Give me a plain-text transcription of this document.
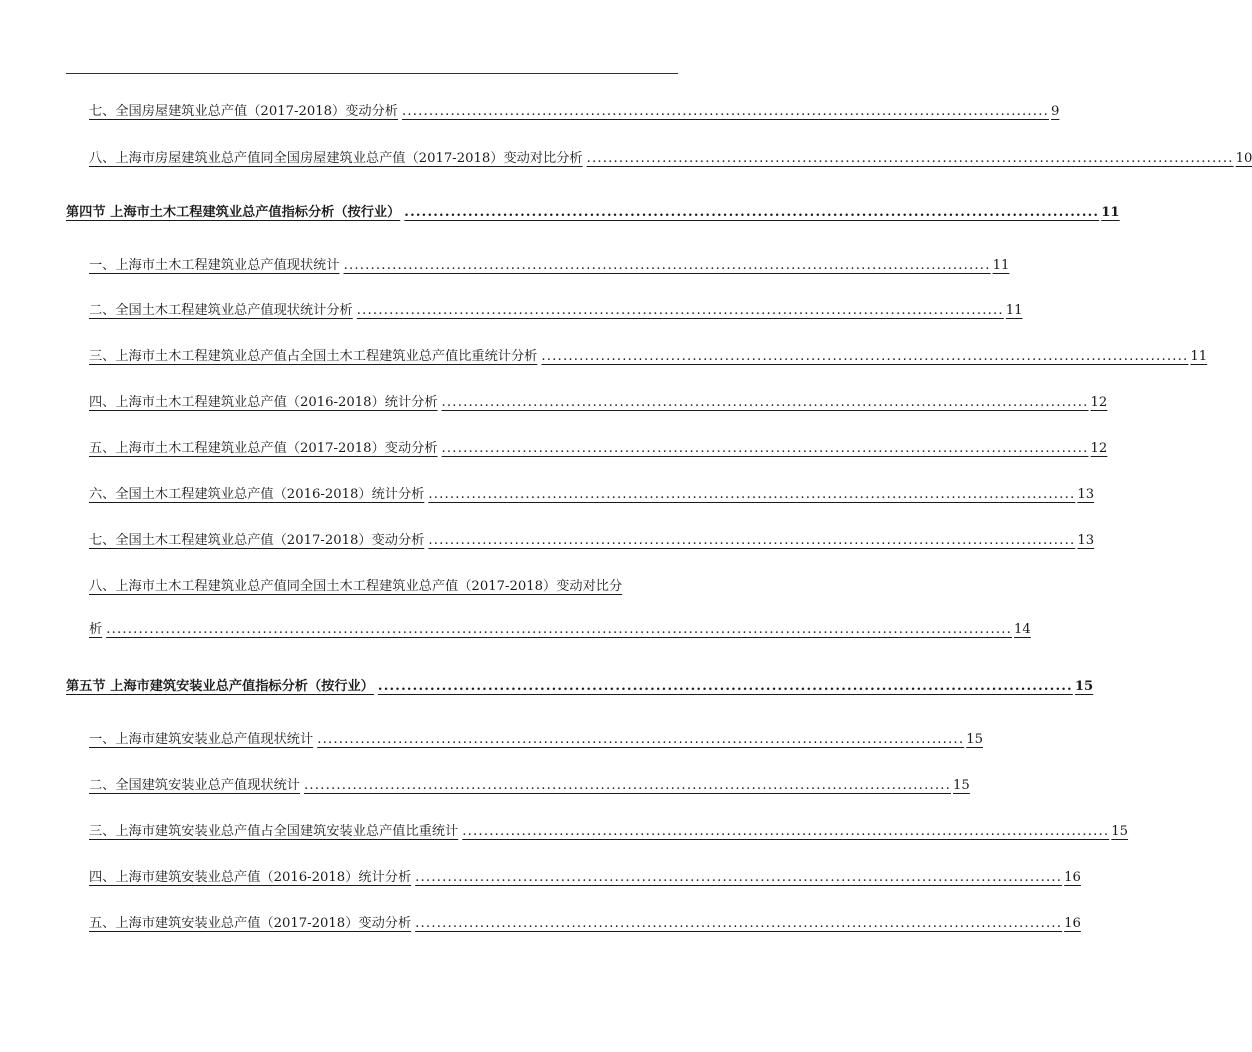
七、全国房屋建筑业总产值（2017-2018）变动分析 ........................................................................................................................ 9
八、上海市房屋建筑业总产值同全国房屋建筑业总产值（2017-2018）变动对比分析 ........................................................................................................................ 10
第四节 上海市土木工程建筑业总产值指标分析（按行业） ........................................................................................................................ 11
一、上海市土木工程建筑业总产值现状统计 ........................................................................................................................ 11
二、全国土木工程建筑业总产值现状统计分析 ........................................................................................................................ 11
三、上海市土木工程建筑业总产值占全国土木工程建筑业总产值比重统计分析 ........................................................................................................................ 11
四、上海市土木工程建筑业总产值（2016-2018）统计分析 ........................................................................................................................ 12
五、上海市土木工程建筑业总产值（2017-2018）变动分析 ........................................................................................................................ 12
六、全国土木工程建筑业总产值（2016-2018）统计分析 ........................................................................................................................ 13
七、全国土木工程建筑业总产值（2017-2018）变动分析 ........................................................................................................................ 13
八、上海市土木工程建筑业总产值同全国土木工程建筑业总产值（2017-2018）变动对比分
析 ........................................................................................................................................................................ 14
第五节 上海市建筑安装业总产值指标分析（按行业） ........................................................................................................................ 15
一、上海市建筑安装业总产值现状统计 ........................................................................................................................ 15
二、全国建筑安装业总产值现状统计 ........................................................................................................................ 15
三、上海市建筑安装业总产值占全国建筑安装业总产值比重统计 ........................................................................................................................ 15
四、上海市建筑安装业总产值（2016-2018）统计分析 ........................................................................................................................ 16
五、上海市建筑安装业总产值（2017-2018）变动分析 ........................................................................................................................ 16
